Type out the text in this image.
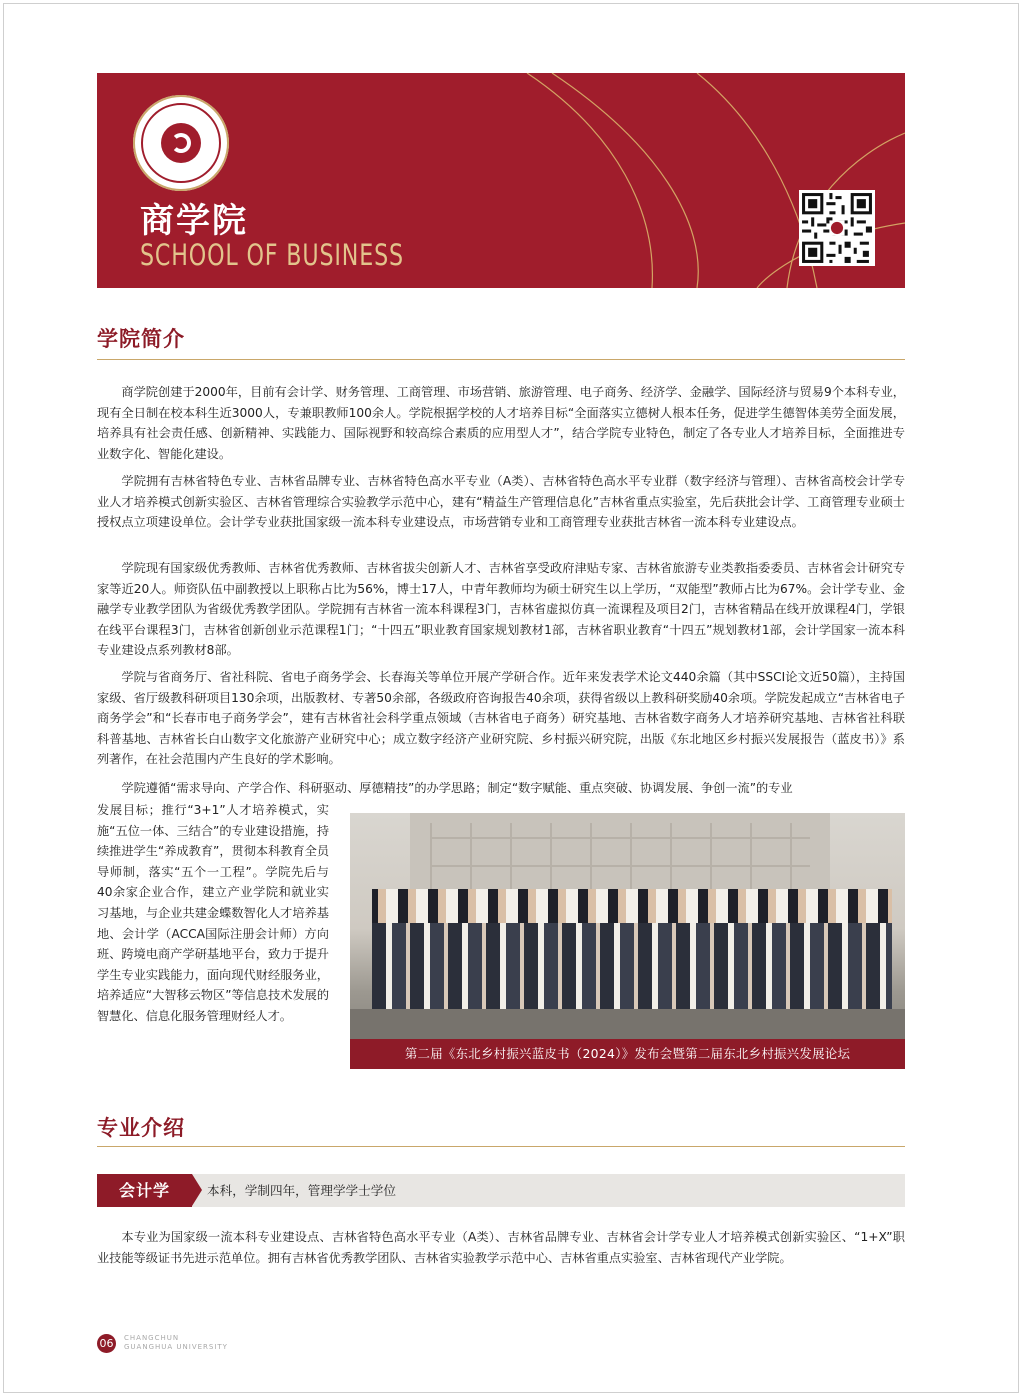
商学院
SCHOOL OF BUSINESS
学院简介

商学院创建于2000年，目前有会计学、财务管理、工商管理、市场营销、旅游管理、电子商务、经济学、金融学、国际经济与贸易9个本科专业，现有全日制在校本科生近3000人，专兼职教师100余人。学院根据学校的人才培养目标“全面落实立德树人根本任务，促进学生德智体美劳全面发展，培养具有社会责任感、创新精神、实践能力、国际视野和较高综合素质的应用型人才”，结合学院专业特色，制定了各专业人才培养目标，全面推进专业数字化、智能化建设。

学院拥有吉林省特色专业、吉林省品牌专业、吉林省特色高水平专业（A类）、吉林省特色高水平专业群（数字经济与管理）、吉林省高校会计学专业人才培养模式创新实验区、吉林省管理综合实验教学示范中心，建有“精益生产管理信息化”吉林省重点实验室，先后获批会计学、工商管理专业硕士授权点立项建设单位。会计学专业获批国家级一流本科专业建设点，市场营销专业和工商管理专业获批吉林省一流本科专业建设点。

学院现有国家级优秀教师、吉林省优秀教师、吉林省拔尖创新人才、吉林省享受政府津贴专家、吉林省旅游专业类教指委委员、吉林省会计研究专家等近20人。师资队伍中副教授以上职称占比为56%，博士17人，中青年教师均为硕士研究生以上学历，“双能型”教师占比为67%。会计学专业、金融学专业教学团队为省级优秀教学团队。学院拥有吉林省一流本科课程3门，吉林省虚拟仿真一流课程及项目2门，吉林省精品在线开放课程4门，学银在线平台课程3门，吉林省创新创业示范课程1门；“十四五”职业教育国家规划教材1部，吉林省职业教育“十四五”规划教材1部，会计学国家一流本科专业建设点系列教材8部。

学院与省商务厅、省社科院、省电子商务学会、长春海关等单位开展产学研合作。近年来发表学术论文440余篇（其中SSCI论文近50篇），主持国家级、省厅级教科研项目130余项，出版教材、专著50余部，各级政府咨询报告40余项，获得省级以上教科研奖励40余项。学院发起成立“吉林省电子商务学会”和“长春市电子商务学会”，建有吉林省社会科学重点领域（吉林省电子商务）研究基地、吉林省数字商务人才培养研究基地、吉林省社科联科普基地、吉林省长白山数字文化旅游产业研究中心；成立数字经济产业研究院、乡村振兴研究院，出版《东北地区乡村振兴发展报告（蓝皮书）》系列著作，在社会范围内产生良好的学术影响。

学院遵循“需求导向、产学合作、科研驱动、厚德精技”的办学思路；制定“数字赋能、重点突破、协调发展、争创一流”的专业

发展目标；推行“3+1”人才培养模式，实施“五位一体、三结合”的专业建设措施，持续推进学生“养成教育”，贯彻本科教育全员导师制，落实“五个一工程”。学院先后与40余家企业合作，建立产业学院和就业实习基地，与企业共建金蝶数智化人才培养基地、会计学（ACCA国际注册会计师）方向班、跨境电商产学研基地平台，致力于提升学生专业实践能力，面向现代财经服务业，培养适应“大智移云物区”等信息技术发展的智慧化、信息化服务管理财经人才。

第二届《东北乡村振兴蓝皮书（2024）》发布会暨第二届东北乡村振兴发展论坛
专业介绍
会计学	本科，学制四年，管理学学士学位

本专业为国家级一流本科专业建设点、吉林省特色高水平专业（A类）、吉林省品牌专业、吉林省会计学专业人才培养模式创新实验区、“1+X”职业技能等级证书先进示范单位。拥有吉林省优秀教学团队、吉林省实验教学示范中心、吉林省重点实验室、吉林省现代产业学院。

06	CHANGCHUN
GUANGHUA UNIVERSITY
